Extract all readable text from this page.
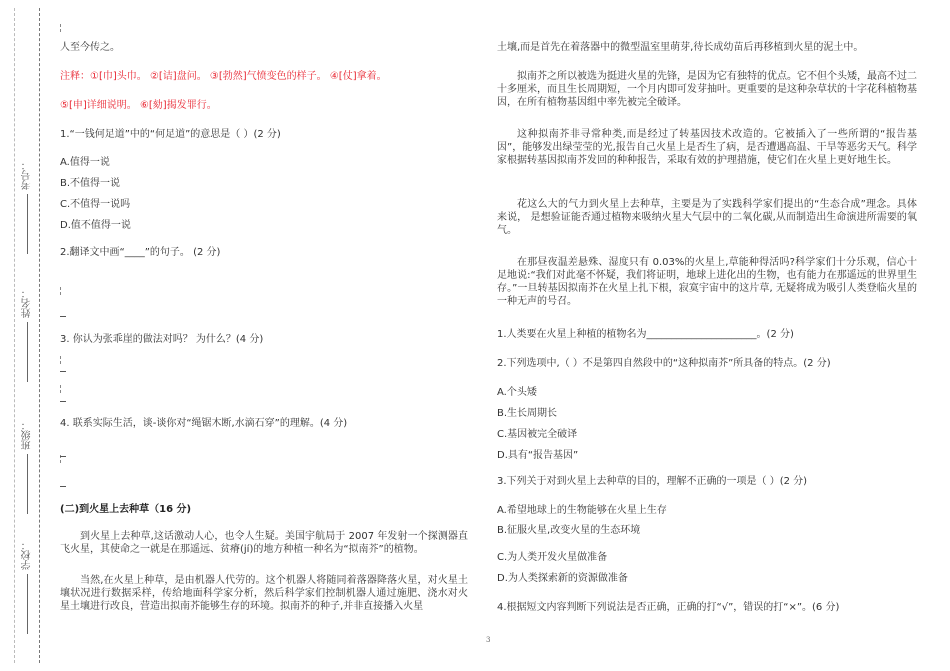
考号：
姓名：
班级：
学校：
人至今传之。
注释：①[巾]头巾。 ②[诘]盘问。 ③[勃然]气愤变色的样子。 ④[仗]拿着。
⑤[申]详细说明。 ⑥[劾]揭发罪行。
1.“一钱何足道”中的“何足道”的意思是（ ）(2 分)
A.值得一说
B.不值得一说
C.不值得一说吗
D.值不值得一说
2.翻译文中画“____”的句子。 (2 分)
3. 你认为张乖崖的做法对吗？ 为什么？(4 分)
4. 联系实际生活，谈-谈你对“绳锯木断,水滴石穿”的理解。(4 分)
(二)到火星上去种草（16 分)
到火星上去种草,这话激动人心，也令人生疑。美国宇航局于 2007 年发射一个探测器直飞火星，其使命之一就是在那遥远、贫瘠(jí)的地方种植一种名为“拟南芥”的植物。
当然,在火星上种草，是由机器人代劳的。这个机器人将随同着落器降落火星，对火星土壤状况进行数据采样，传给地面科学家分析，然后科学家们控制机器人通过施肥、浇水对火星土壤进行改良，营造出拟南芥能够生存的环境。拟南芥的种子,并非直接播入火星
土壤,而是首先在着落器中的微型温室里萌芽,待长成幼苗后再移植到火星的泥土中。
拟南芥之所以被选为挺进火星的先锋，是因为它有独特的优点。它不但个头矮，最高不过二十多厘米，而且生长周期短，一个月内即可发芽抽叶。更重要的是这种杂草状的十字花科植物基因，在所有植物基因组中率先被完全破译。
这种拟南芥非寻常种类,而是经过了转基因技术改造的。它被插入了一些所谓的“报告基因”，能够发出绿莹莹的光,报告自己火星上是否生了病，是否遭遇高温、干旱等恶劣天气。科学家根据转基因拟南芥发回的种种报告，采取有效的护理措施，使它们在火星上更好地生长。
花这么大的气力到火星上去种草，主要是为了实践科学家们提出的“生态合成”理念。具体来说， 是想验证能否通过植物来吸纳火星大气层中的二氧化碳,从而制造出生命演进所需要的氧气。
在那昼夜温差悬殊、湿度只有 0.03%的火星上,草能种得活吗?科学家们十分乐观，信心十足地说:“我们对此毫不怀疑，我们将证明，地球上进化出的生物，也有能力在那遥远的世界里生存。”一旦转基因拟南芥在火星上扎下根，寂寞宇宙中的这片草, 无疑将成为吸引人类登临火星的一种无声的号召。
1.人类要在火星上种植的植物名为______________________。(2 分)
2.下列选项中,（ ）不是第四自然段中的“这种拟南芥”所具备的特点。(2 分)
A.个头矮
B.生长周期长
C.基因被完全破译
D.具有“报告基因”
3.下列关于对到火星上去种草的目的，理解不正确的一项是（ ）(2 分)
A.希望地球上的生物能够在火星上生存
B.征服火星,改变火星的生态环境
C.为人类开发火星做准备
D.为人类探索新的资源做准备
4.根据短文内容判断下列说法是否正确，正确的打“√”，错误的打“×”。(6 分)
3
